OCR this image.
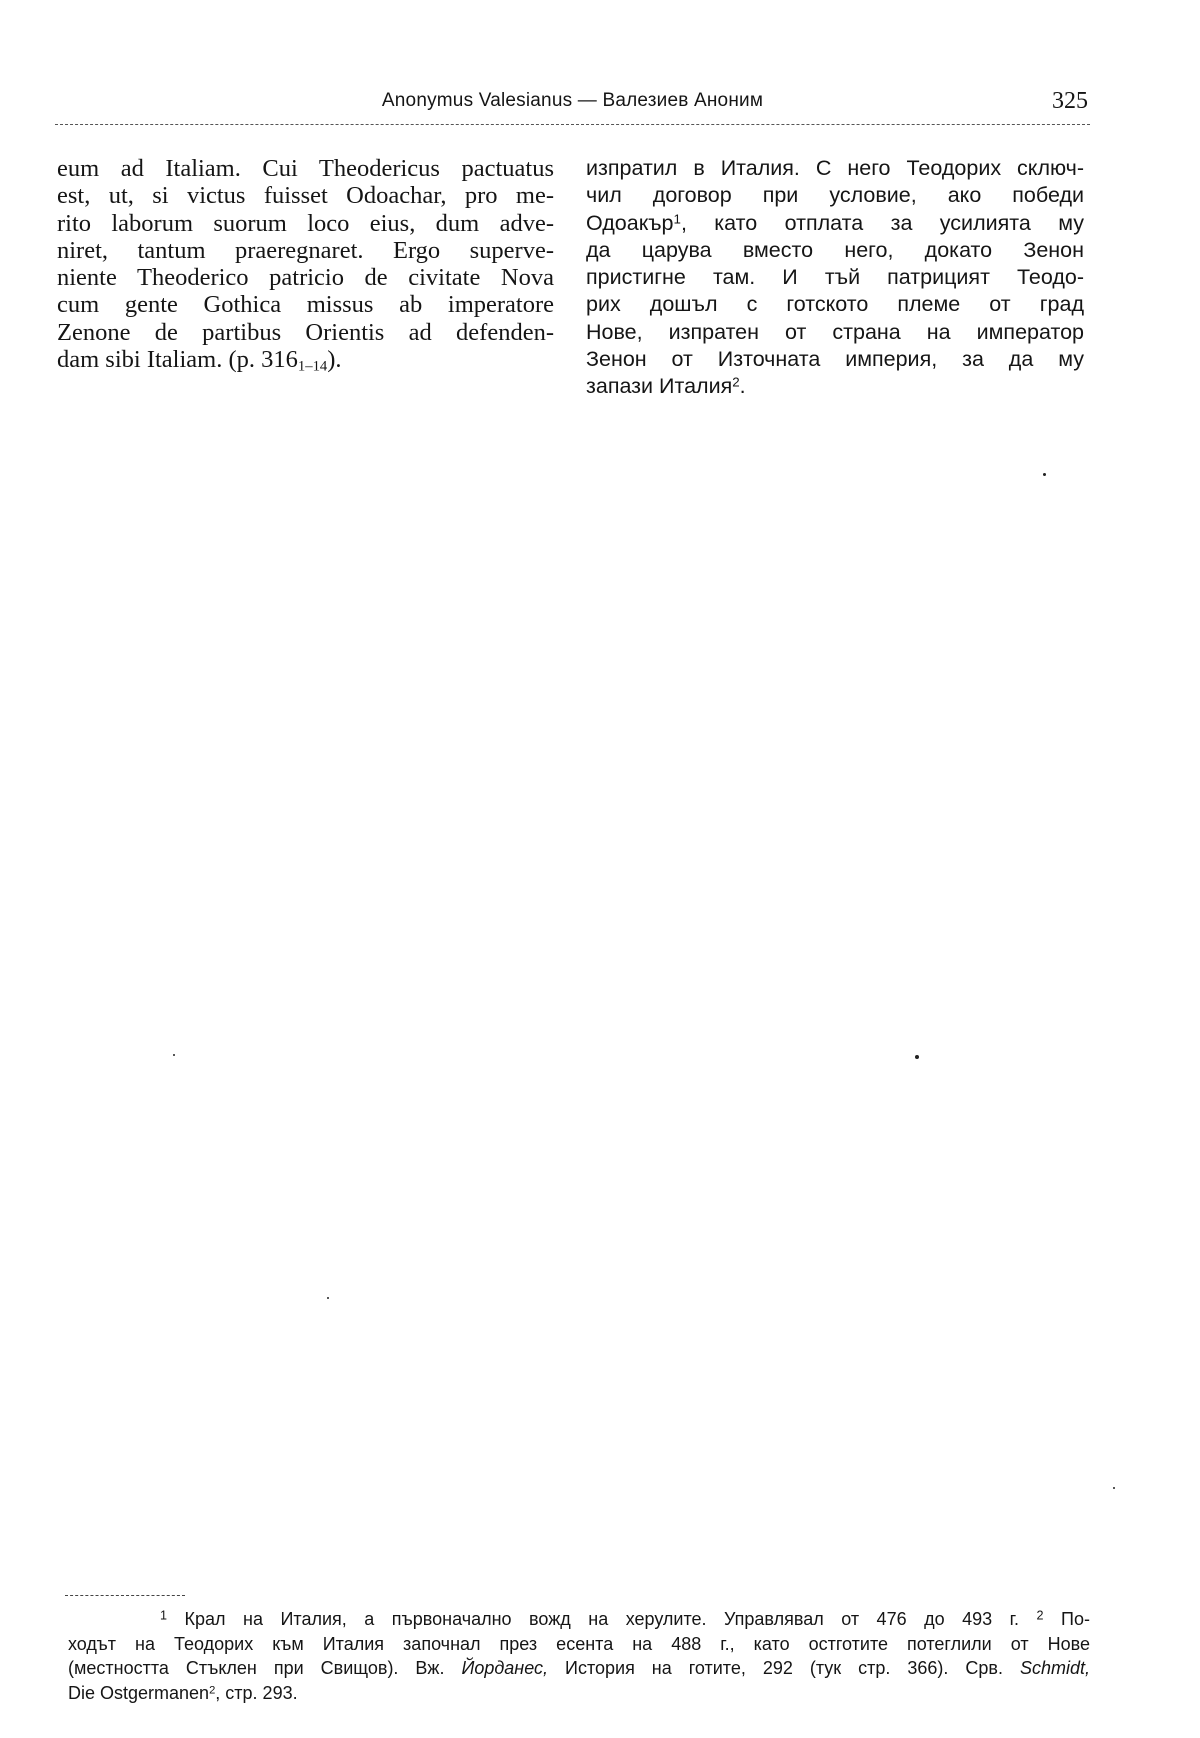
Anonymus Valesianus — Валезиев Аноним	325
eum ad Italiam. Cui Theodericus pactuatus
est, ut, si victus fuisset Odoachar, pro me-
rito laborum suorum loco eius, dum adve-
niret, tantum praeregnaret. Ergo superve-
niente Theoderico patricio de civitate Nova
cum gente Gothica missus ab imperatore
Zenone de partibus Orientis ad defenden-
dam sibi Italiam. (p. $316_{1-14}$).
изпратил в Италия. С него Теодорих сключ-
чил договор при условие, ако победи
Одоакър$^1$, като отплата за усилията му
да царува вместо него, докато Зенон
пристигне там. И тъй патрицият Теодо-
рих дошъл с готското племе от град
Нове, изпратен от страна на император
Зенон от Източната империя, за да му
запази Италия$^2$.
$^1$ Крал на Италия, а първоначално вожд на херулите. Управлявал от 476 до 493 г. $^2$ По-
ходът на Теодорих към Италия започнал през есента на 488 г., като остготите потеглили от Нове
(местността Стъклен при Свищов). Вж. Йорданес, История на готите, 292 (тук стр. 366). Срв. Schmidt,
Die Ostgermanen$^2$, стр. 293.
